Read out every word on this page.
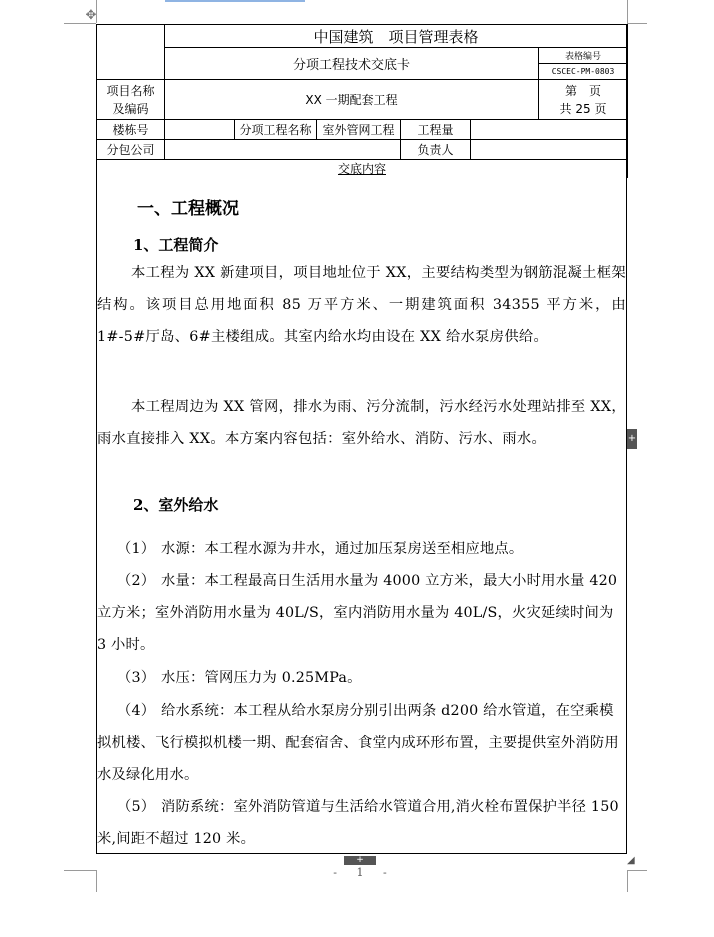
✥
	中国建筑　项目管理表格					
	分项工程技术交底卡					表格编号
						CSCEC-PM-0803
项目名称及编码	XX 一期配套工程					第　页
共 25 页

楼栋号		分项工程名称	室外管网工程	工程量		
分包公司				负责人		
交底内容						
一、工程概况
1、工程简介
本工程为 XX 新建项目，项目地址位于 XX，主要结构类型为钢筋混凝土框架结构。该项目总用地面积 85 万平方米、一期建筑面积 34355 平方米，由 1#-5#厅岛、6#主楼组成。其室内给水均由设在 XX 给水泵房供给。
本工程周边为 XX 管网，排水为雨、污分流制，污水经污水处理站排至 XX，雨水直接排入 XX。本方案内容包括：室外给水、消防、污水、雨水。
2、室外给水
（1） 水源：本工程水源为井水，通过加压泵房送至相应地点。
（2） 水量：本工程最高日生活用水量为 4000 立方米，最大小时用水量 420 立方米；室外消防用水量为 40L/S，室内消防用水量为 40L/S，火灾延续时间为 3 小时。
（3） 水压：管网压力为 0.25MPa。
（4） 给水系统：本工程从给水泵房分别引出两条 d200 给水管道，在空乘模拟机楼、飞行模拟机楼一期、配套宿舍、食堂内成环形布置，主要提供室外消防用水及绿化用水。
（5） 消防系统：室外消防管道与生活给水管道合用,消火栓布置保护半径 150 米,间距不超过 120 米。
+
+	◢
- 1 -
